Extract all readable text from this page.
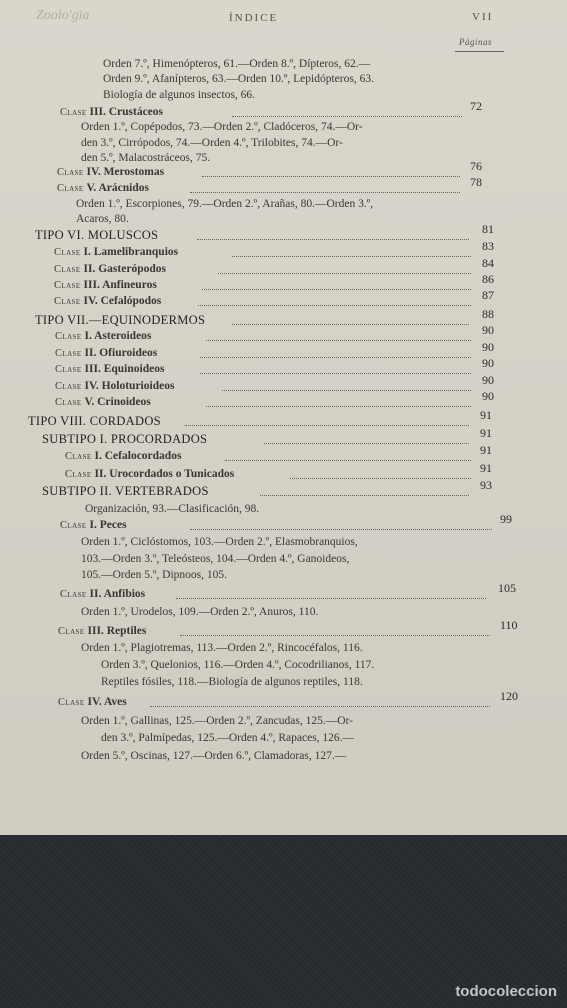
Zoolo'gia	ÍNDICE	VII
Páginas
Orden 7.º, Himenópteros, 61.—Orden 8.º, Dípteros, 62.—
Orden 9.º, Afanípteros, 63.—Orden 10.º, Lepidópteros, 63.
Biología de algunos insectos, 66.
Clase III. Crustáceos	72
Orden 1.º, Copépodos, 73.—Orden 2.º, Cladóceros, 74.—Or-
den 3.º, Cirrópodos, 74.—Orden 4.º, Trilobites, 74.—Or-
den 5.º, Malacostráceos, 75.
Clase IV. Merostomas	76
Clase V. Arácnidos	78
Orden 1.º, Escorpiones, 79.—Orden 2.º, Arañas, 80.—Orden 3.º,
Acaros, 80.
TIPO VI. MOLUSCOS	81
Clase I. Lamelibranquios	83
Clase II. Gasterópodos	84
Clase III. Anfineuros	86
Clase IV. Cefalópodos	87
TIPO VII.—EQUINODERMOS	88
Clase I. Asteroideos	90
Clase II. Ofiuroideos	90
Clase III. Equinoideos	90
Clase IV. Holoturioideos	90
Clase V. Crinoideos	90
TIPO VIII. CORDADOS	91
SUBTIPO I. PROCORDADOS	91
Clase I. Cefalocordados	91
Clase II. Urocordados o Tunicados	91
SUBTIPO II. VERTEBRADOS	93
Organización, 93.—Clasificación, 98.
Clase I. Peces	99
Orden 1.º, Ciclóstomos, 103.—Orden 2.º, Elasmobranquios,
103.—Orden 3.º, Teleósteos, 104.—Orden 4.º, Ganoideos,
105.—Orden 5.º, Dipnoos, 105.
Clase II. Anfibios	105
Orden 1.º, Urodelos, 109.—Orden 2.º, Anuros, 110.
Clase III. Reptiles	110
Orden 1.º, Plagiotremas, 113.—Orden 2.º, Rincocéfalos, 116.
Orden 3.º, Quelonios, 116.—Orden 4.º, Cocodrilianos, 117.
Reptiles fósiles, 118.—Biología de algunos reptiles, 118.
Clase IV. Aves	120
Orden 1.º, Gallinas, 125.—Orden 2.º, Zancudas, 125.—Or-
den 3.º, Palmípedas, 125.—Orden 4.º, Rapaces, 126.—
Orden 5.º, Oscinas, 127.—Orden 6.º, Clamadoras, 127.—
todocoleccion
